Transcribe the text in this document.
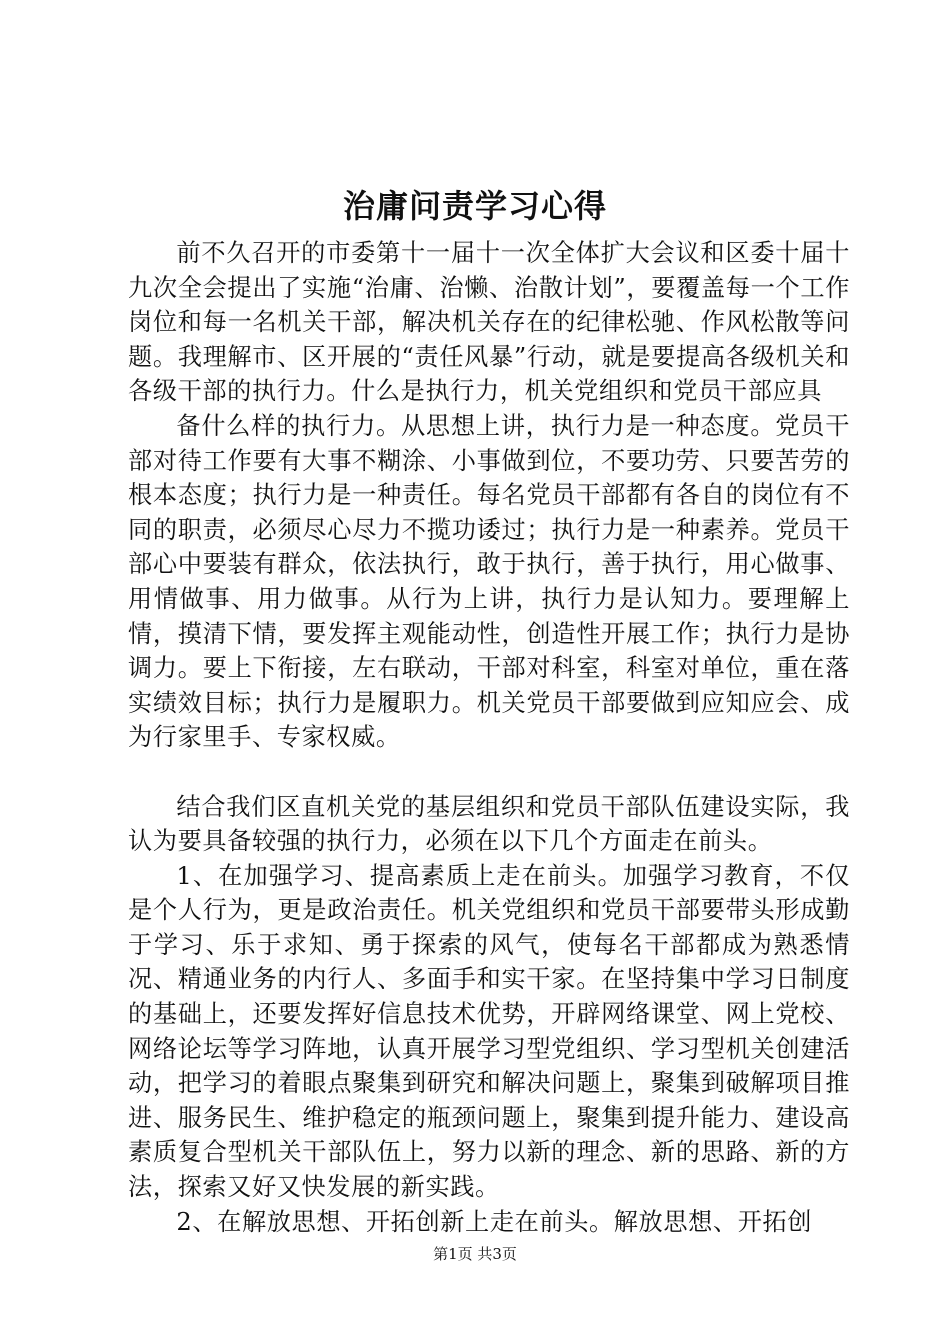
治庸问责学习心得

前不久召开的市委第十一届十一次全体扩大会议和区委十届十九次全会提出了实施“治庸、治懒、治散计划”，要覆盖每一个工作岗位和每一名机关干部，解决机关存在的纪律松驰、作风松散等问题。我理解市、区开展的“责任风暴”行动，就是要提高各级机关和各级干部的执行力。什么是执行力，机关党组织和党员干部应具

备什么样的执行力。从思想上讲，执行力是一种态度。党员干部对待工作要有大事不糊涂、小事做到位，不要功劳、只要苦劳的根本态度；执行力是一种责任。每名党员干部都有各自的岗位有不同的职责，必须尽心尽力不揽功诿过；执行力是一种素养。党员干部心中要装有群众，依法执行，敢于执行，善于执行，用心做事、用情做事、用力做事。从行为上讲，执行力是认知力。要理解上情，摸清下情，要发挥主观能动性，创造性开展工作；执行力是协调力。要上下衔接，左右联动，干部对科室，科室对单位，重在落实绩效目标；执行力是履职力。机关党员干部要做到应知应会、成为行家里手、专家权威。

结合我们区直机关党的基层组织和党员干部队伍建设实际，我认为要具备较强的执行力，必须在以下几个方面走在前头。

1、在加强学习、提高素质上走在前头。加强学习教育，不仅是个人行为，更是政治责任。机关党组织和党员干部要带头形成勤于学习、乐于求知、勇于探索的风气，使每名干部都成为熟悉情况、精通业务的内行人、多面手和实干家。在坚持集中学习日制度的基础上，还要发挥好信息技术优势，开辟网络课堂、网上党校、网络论坛等学习阵地，认真开展学习型党组织、学习型机关创建活动，把学习的着眼点聚集到研究和解决问题上，聚集到破解项目推进、服务民生、维护稳定的瓶颈问题上，聚集到提升能力、建设高素质复合型机关干部队伍上，努力以新的理念、新的思路、新的方法，探索又好又快发展的新实践。

2、在解放思想、开拓创新上走在前头。解放思想、开拓创

第1页 共3页
